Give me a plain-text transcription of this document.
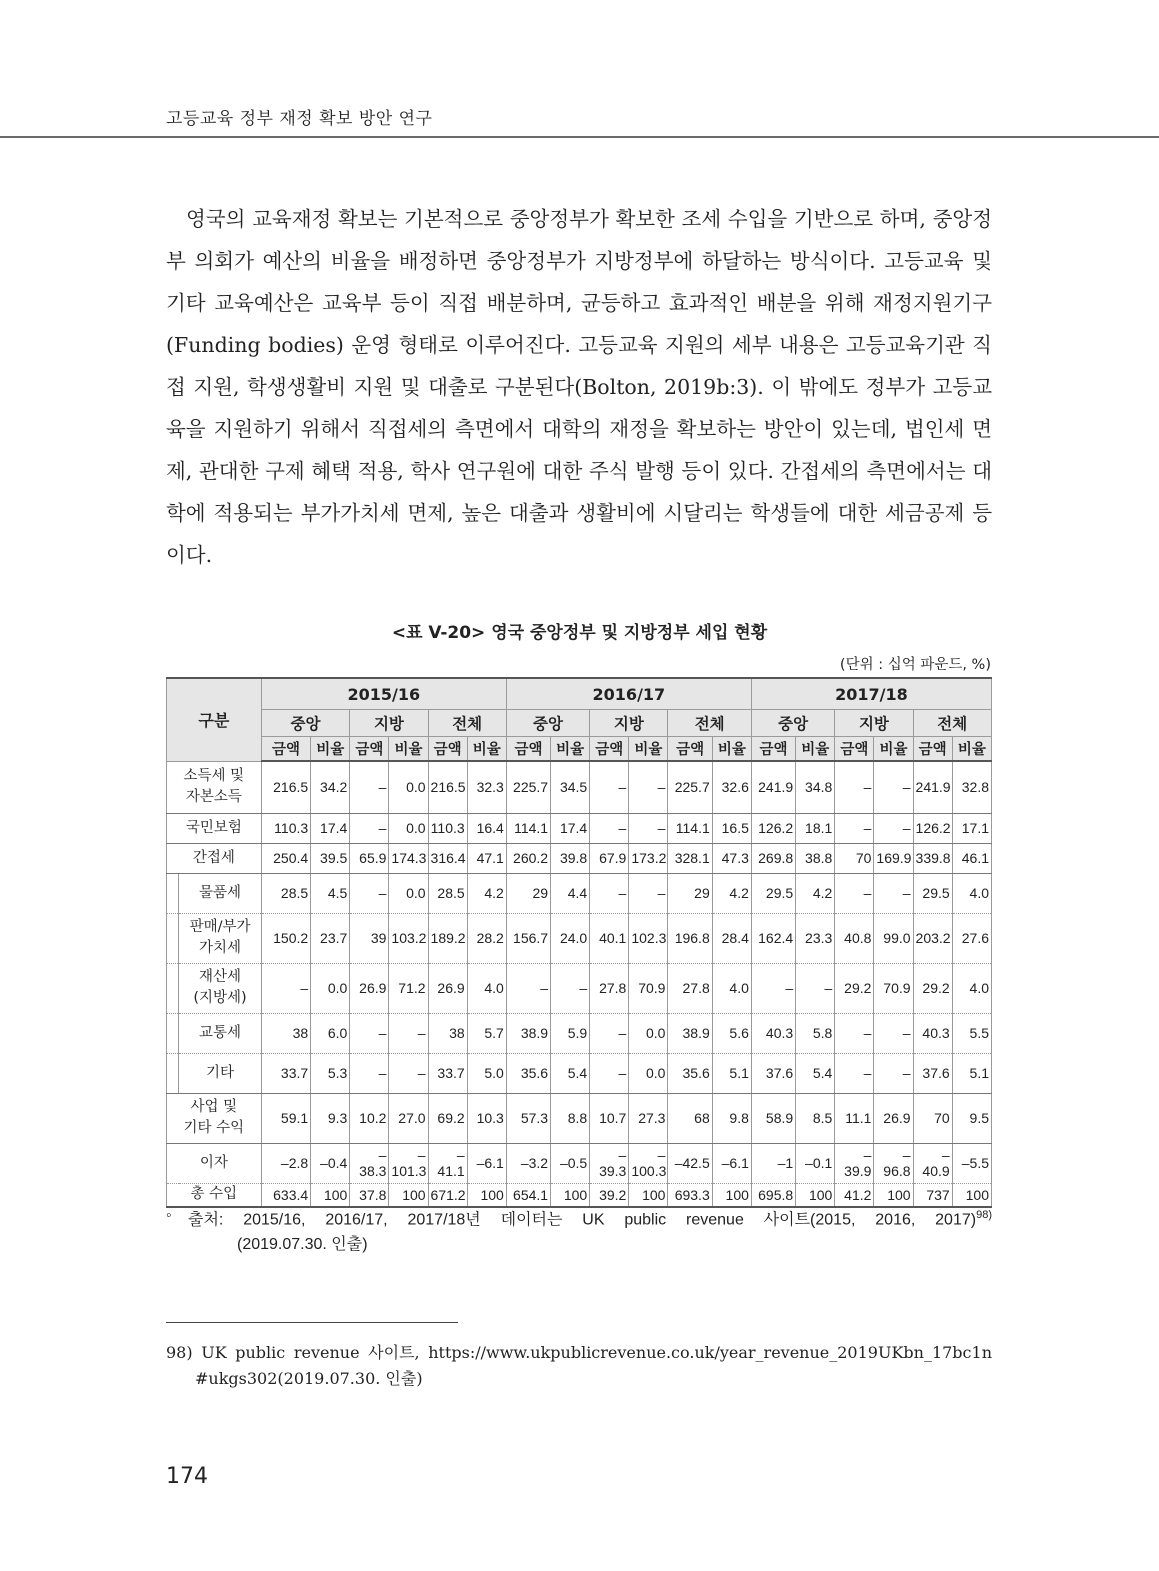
고등교육 정부 재정 확보 방안 연구

영국의 교육재정 확보는 기본적으로 중앙정부가 확보한 조세 수입을 기반으로 하며, 중앙정부 의회가 예산의 비율을 배정하면 중앙정부가 지방정부에 하달하는 방식이다. 고등교육 및 기타 교육예산은 교육부 등이 직접 배분하며, 균등하고 효과적인 배분을 위해 재정지원기구(Funding bodies) 운영 형태로 이루어진다. 고등교육 지원의 세부 내용은 고등교육기관 직접 지원, 학생생활비 지원 및 대출로 구분된다(Bolton, 2019b:3). 이 밖에도 정부가 고등교육을 지원하기 위해서 직접세의 측면에서 대학의 재정을 확보하는 방안이 있는데, 법인세 면제, 관대한 구제 혜택 적용, 학사 연구원에 대한 주식 발행 등이 있다. 간접세의 측면에서는 대학에 적용되는 부가가치세 면제, 높은 대출과 생활비에 시달리는 학생들에 대한 세금공제 등이다.

<표 V-20> 영국 중앙정부 및 지방정부 세입 현황
(단위 : 십억 파운드, %)
구분		2015/16						2016/17						2017/18					
		중앙		지방		전체		중앙		지방		전체		중앙		지방		전체	
		금액	비율	금액	비율	금액	비율	금액	비율	금액	비율	금액	비율	금액	비율	금액	비율	금액	비율
소득세 및
자본소득		216.5	34.2	–	0.0	216.5	32.3	225.7	34.5	–	–	225.7	32.6	241.9	34.8	–	–	241.9	32.8
국민보험		110.3	17.4	–	0.0	110.3	16.4	114.1	17.4	–	–	114.1	16.5	126.2	18.1	–	–	126.2	17.1
간접세		250.4	39.5	65.9	174.3	316.4	47.1	260.2	39.8	67.9	173.2	328.1	47.3	269.8	38.8	70	169.9	339.8	46.1
	물품세	28.5	4.5	–	0.0	28.5	4.2	29	4.4	–	–	29	4.2	29.5	4.2	–	–	29.5	4.0
	판매/부가
가치세	150.2	23.7	39	103.2	189.2	28.2	156.7	24.0	40.1	102.3	196.8	28.4	162.4	23.3	40.8	99.0	203.2	27.6
	재산세
(지방세)	–	0.0	26.9	71.2	26.9	4.0	–	–	27.8	70.9	27.8	4.0	–	–	29.2	70.9	29.2	4.0
	교통세	38	6.0	–	–	38	5.7	38.9	5.9	–	0.0	38.9	5.6	40.3	5.8	–	–	40.3	5.5
	기타	33.7	5.3	–	–	33.7	5.0	35.6	5.4	–	0.0	35.6	5.1	37.6	5.4	–	–	37.6	5.1
사업 및
기타 수익		59.1	9.3	10.2	27.0	69.2	10.3	57.3	8.8	10.7	27.3	68	9.8	58.9	8.5	11.1	26.9	70	9.5
이자		–2.8	–0.4	–38.3	–101.3	–41.1	–6.1	–3.2	–0.5	–39.3	–100.3	–42.5	–6.1	–1	–0.1	–39.9	–96.8	–40.9	–5.5
총 수입		633.4	100	37.8	100	671.2	100	654.1	100	39.2	100	693.3	100	695.8	100	41.2	100	737	100
◦	출처: 2015/16, 2016/17, 2017/18년 데이터는 UK public revenue 사이트(2015, 2016, 2017)$^{98)}$
(2019.07.30. 인출)
98) UK public revenue 사이트, https://www.ukpublicrevenue.co.uk/year_revenue_2019UKbn_17bc1n
#ukgs302(2019.07.30. 인출)
174
